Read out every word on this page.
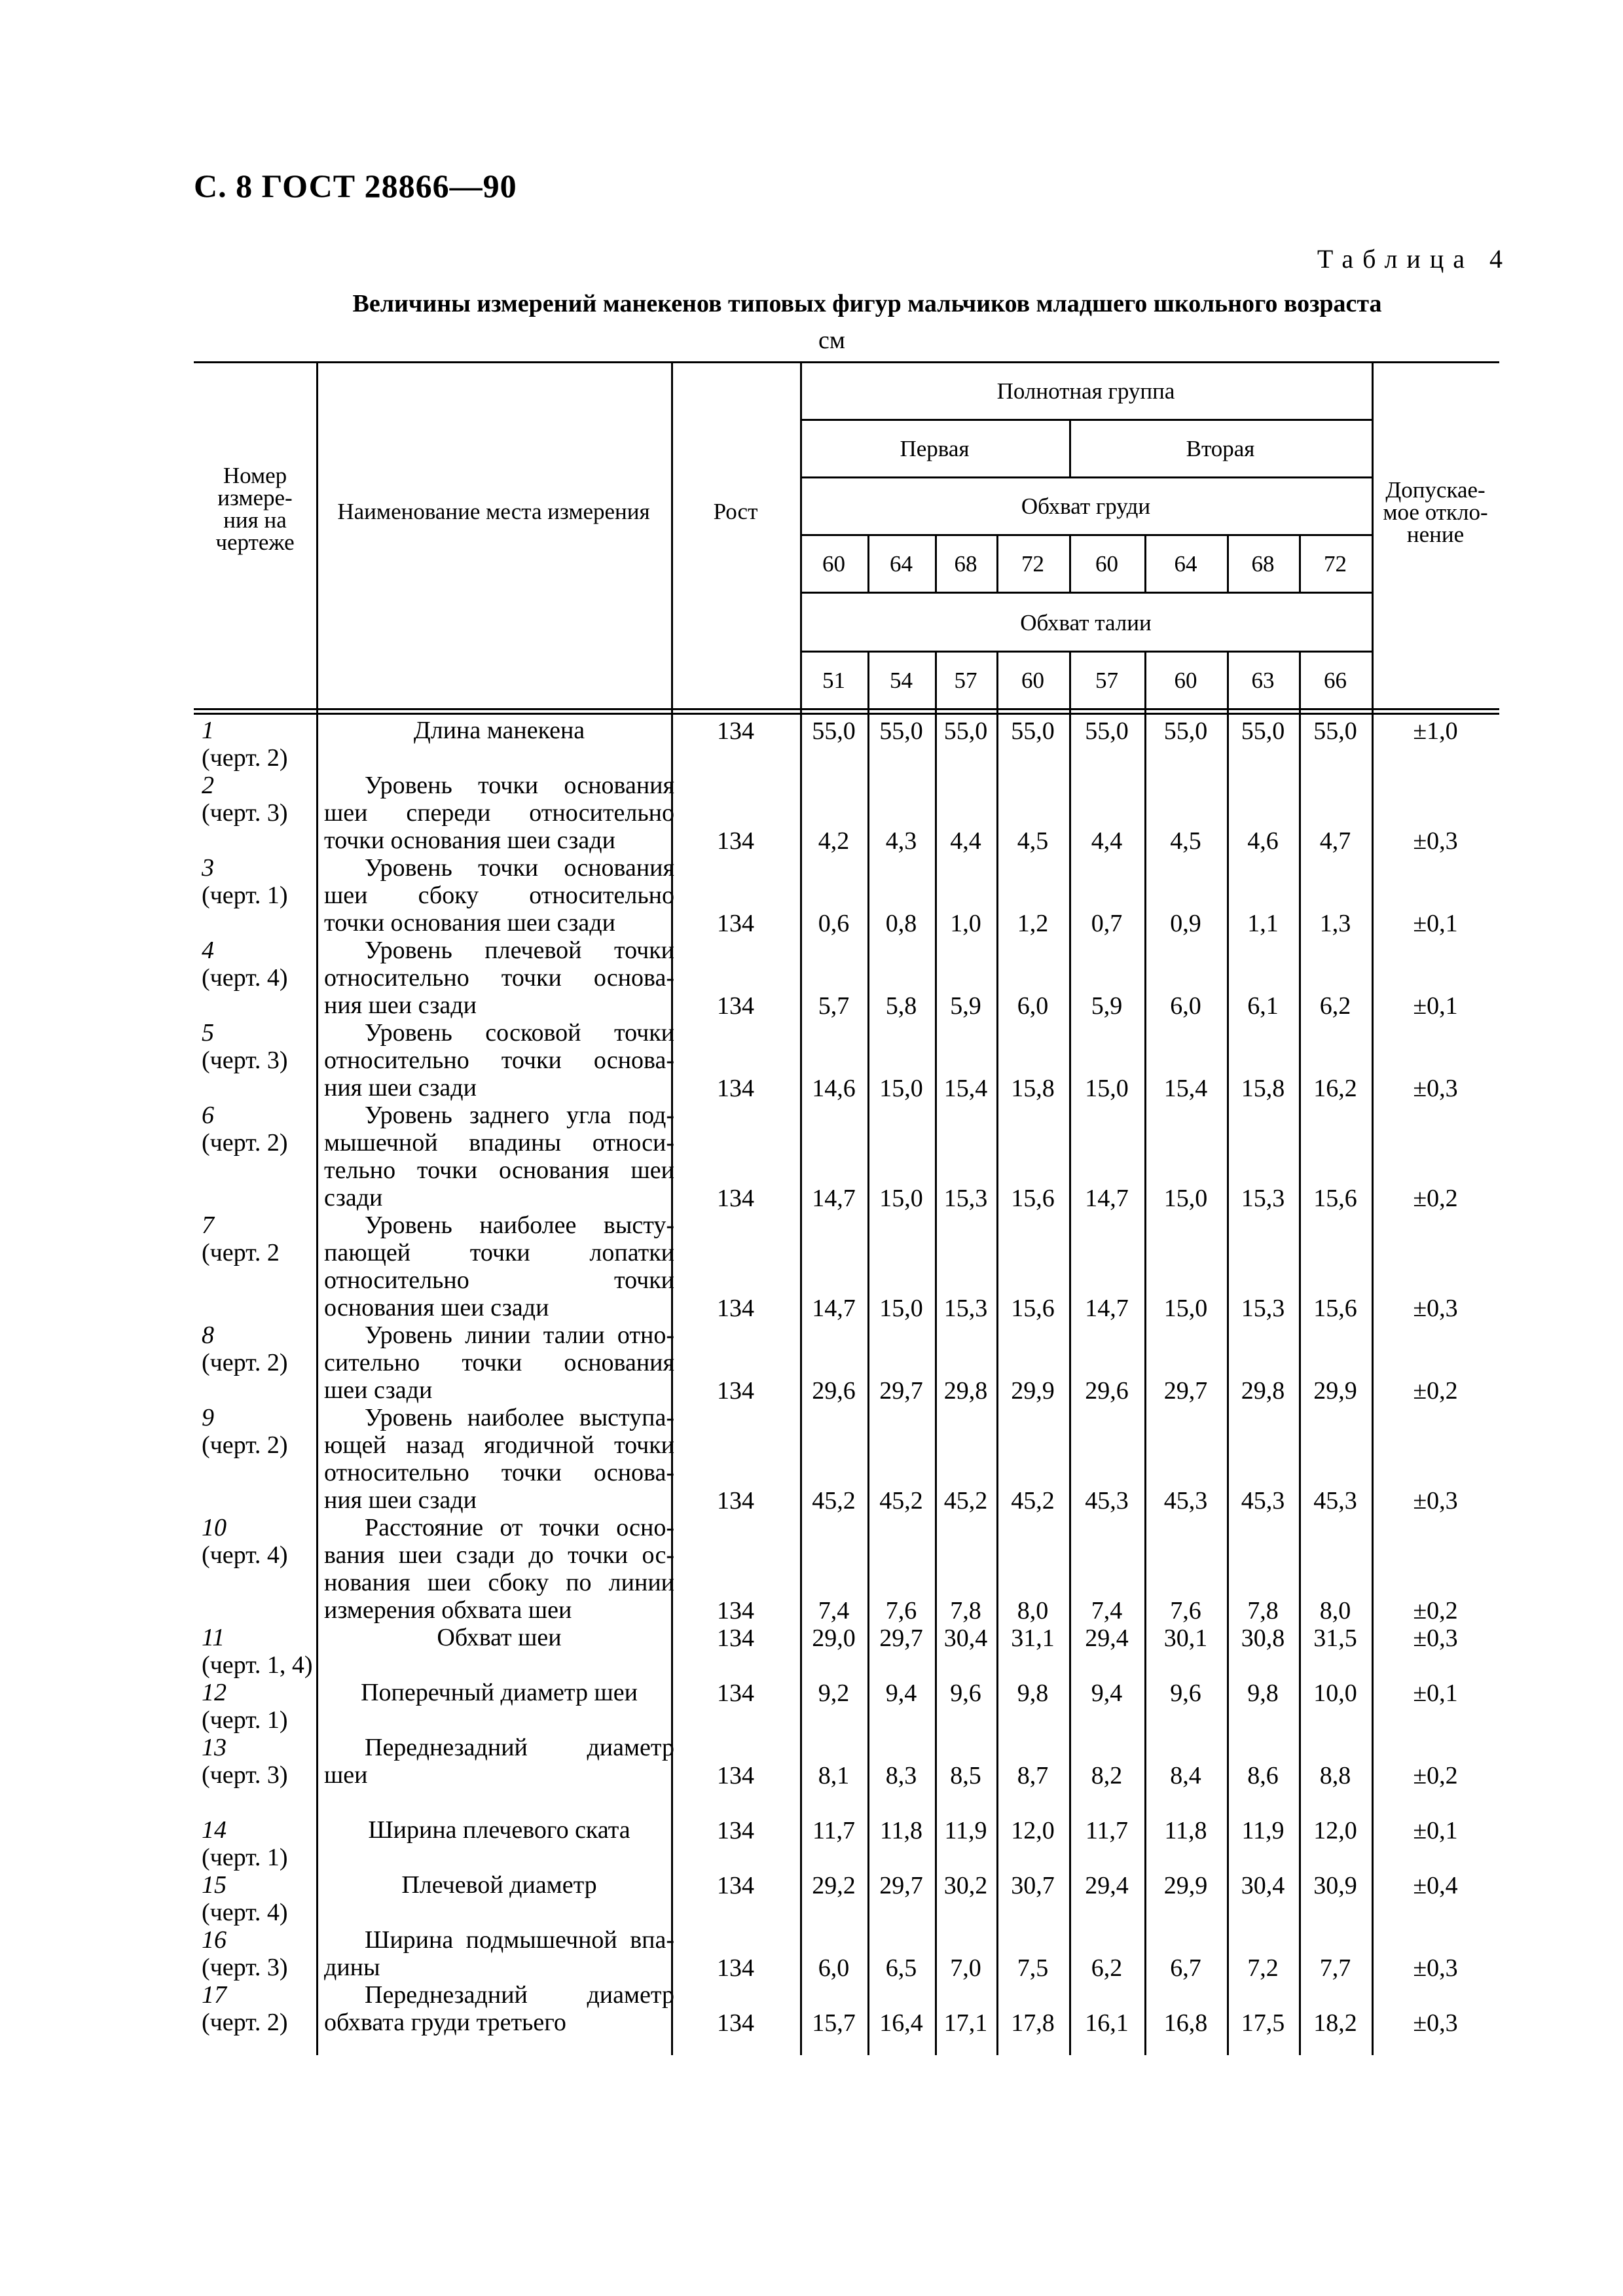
С. 8 ГОСТ 28866—90
Таблица 4
Величины измерений манекенов типовых фигур мальчиков младшего школьного возраста
см
Номер
измере-
ния на
чертеже
Наименование места измерения	Рост
Полнотная группа
Первая	Вторая
Обхват груди
Обхват талии
Допускае-
мое откло-
нение
60	64	68	72	60	64	68	72
51	54	57	60	57	60	63	66
1
(черт. 2)
Длина манекена	134	55,0 55,0 55,0 55,0	55,0	55,0	55,0	55,0	±1,0
2
(черт. 3)
Уровень точки основания
шеи спереди относительно
точки основания шеи сзади	134	4,2	4,3	4,4	4,5	4,4	4,5	4,6	4,7	±0,3
3
(черт. 1)
Уровень точки основания
шеи сбоку относительно
точки основания шеи сзади	134	0,6	0,8	1,0	1,2	0,7	0,9	1,1	1,3	±0,1
4
(черт. 4)
Уровень плечевой точки
относительно точки основа-
ния шеи сзади	134	5,7	5,8	5,9	6,0	5,9	6,0	6,1	6,2	±0,1
5
(черт. 3)
Уровень сосковой точки
относительно точки основа-
ния шеи сзади	134	14,6 15,0 15,4 15,8	15,0	15,4	15,8	16,2	±0,3
6
(черт. 2)
Уровень заднего угла под-
мышечной впадины относи-
тельно точки основания шеи
сзади	134	14,7 15,0 15,3 15,6	14,7	15,0	15,3	15,6	±0,2
7
(черт. 2
Уровень наиболее высту-
пающей точки лопатки
относительно точки
основания шеи сзади	134	14,7 15,0 15,3 15,6	14,7	15,0	15,3	15,6	±0,3
8
(черт. 2)
Уровень линии талии отно-
сительно точки основания
шеи сзади	134	29,6 29,7 29,8 29,9	29,6	29,7	29,8	29,9	±0,2
9
(черт. 2)
Уровень наиболее выступа-
ющей назад ягодичной точки
относительно точки основа-
ния шеи сзади	134	45,2 45,2 45,2 45,2	45,3	45,3	45,3	45,3	±0,3
10
(черт. 4)
Расстояние от точки осно-
вания шеи сзади до точки ос-
нования шеи сбоку по линии
измерения обхвата шеи	134	7,4	7,6	7,8	8,0	7,4	7,6	7,8	8,0	±0,2
11
(черт. 1, 4)
Обхват шеи	134	29,0 29,7 30,4 31,1	29,4	30,1	30,8	31,5	±0,3
12
(черт. 1)
Поперечный диаметр шеи	134	9,2	9,4	9,6	9,8	9,4	9,6	9,8	10,0	±0,1
13
(черт. 3)
Переднезадний диаметр
шеи	134	8,1	8,3	8,5	8,7	8,2	8,4	8,6	8,8	±0,2
14
(черт. 1)
Ширина плечевого ската	134	11,7 11,8 11,9 12,0	11,7	11,8	11,9	12,0	±0,1
15
(черт. 4)
Плечевой диаметр	134	29,2 29,7 30,2 30,7	29,4	29,9	30,4	30,9	±0,4
16
(черт. 3)
Ширина подмышечной впа-
дины	134	6,0	6,5	7,0	7,5	6,2	6,7	7,2	7,7	±0,3
17
(черт. 2)
Переднезадний диаметр
обхвата груди третьего	134	15,7 16,4 17,1 17,8	16,1	16,8	17,5	18,2	±0,3
